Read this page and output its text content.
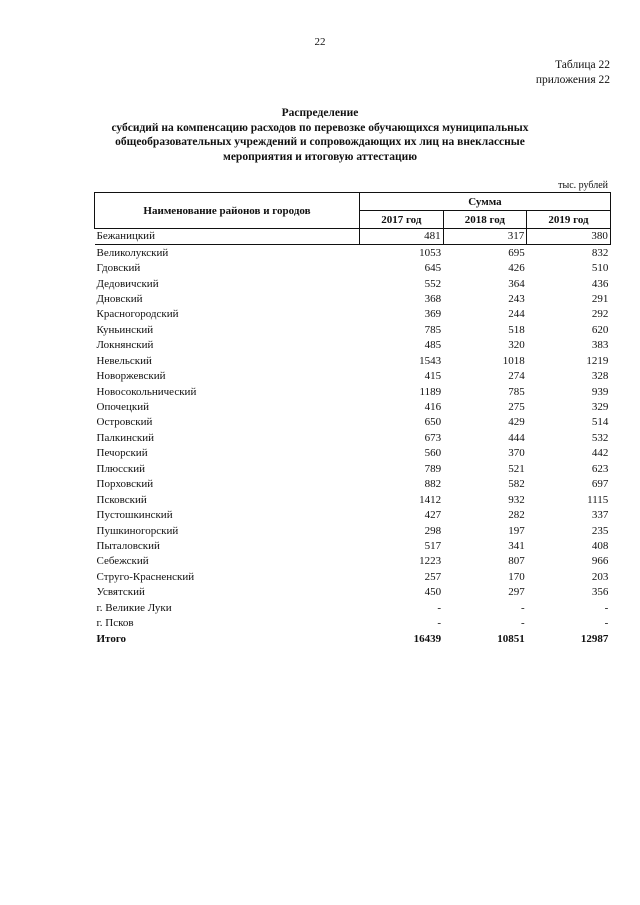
22
Таблица 22
приложения 22
Распределение
субсидий на компенсацию расходов по перевозке обучающихся муниципальных
общеобразовательных учреждений и сопровождающих их лиц на внеклассные
мероприятия и итоговую аттестацию
тыс. рублей
Наименование районов и городов	Сумма		
	2017 год	2018 год	2019 год
Бежаницкий	481	317	380
Великолукский	1053	695	832
Гдовский	645	426	510
Дедовичский	552	364	436
Дновский	368	243	291
Красногородский	369	244	292
Куньинский	785	518	620
Локнянский	485	320	383
Невельский	1543	1018	1219
Новоржевский	415	274	328
Новосокольнический	1189	785	939
Опочецкий	416	275	329
Островский	650	429	514
Палкинский	673	444	532
Печорский	560	370	442
Плюсский	789	521	623
Порховский	882	582	697
Псковский	1412	932	1115
Пустошкинский	427	282	337
Пушкиногорский	298	197	235
Пыталовский	517	341	408
Себежский	1223	807	966
Струго-Красненский	257	170	203
Усвятский	450	297	356
г. Великие Луки	-	-	-
г. Псков	-	-	-
Итого	16439	10851	12987
